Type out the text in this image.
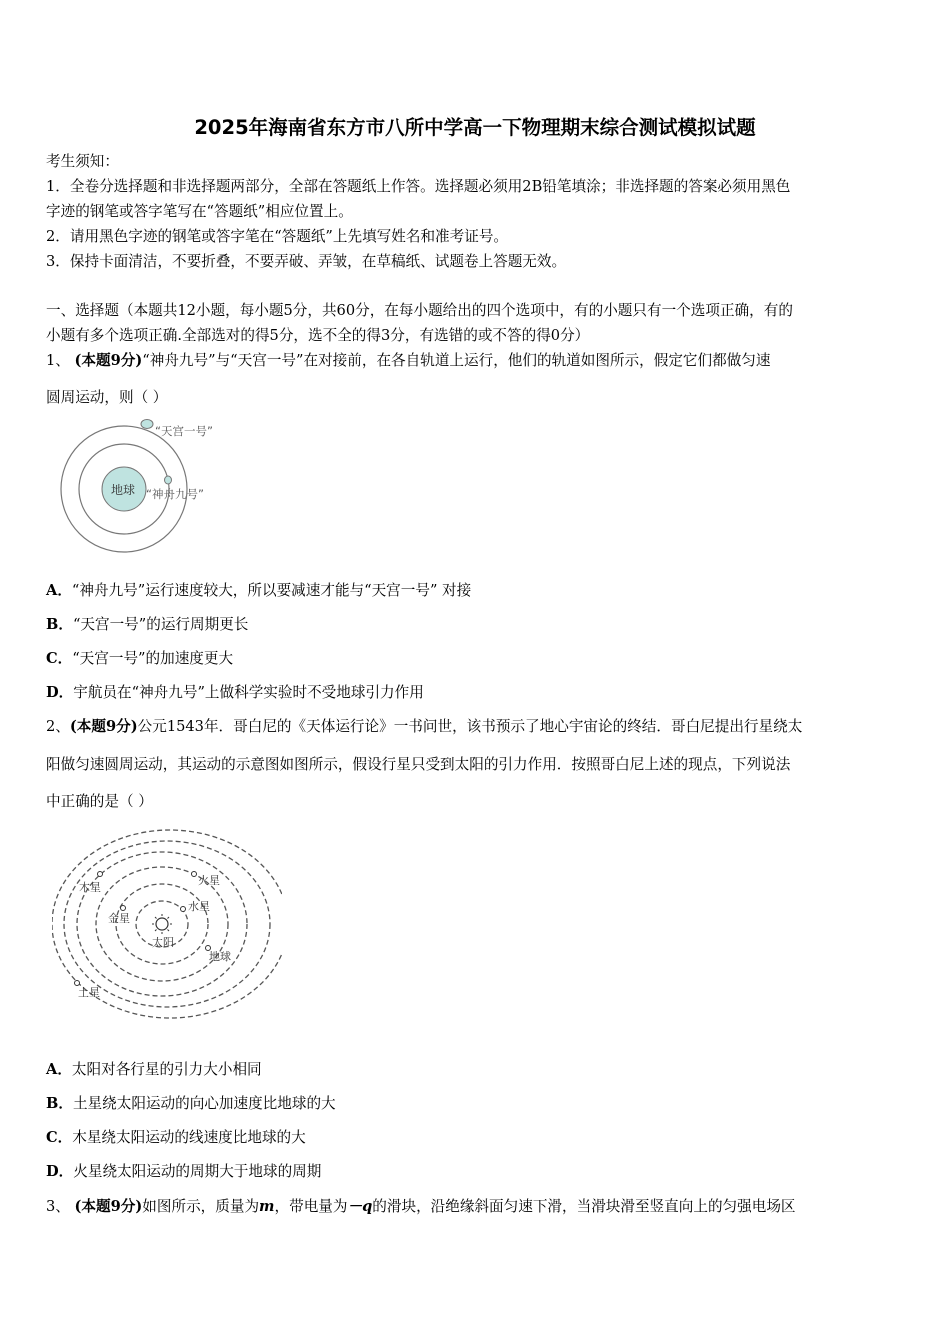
2025年海南省东方市八所中学高一下物理期末综合测试模拟试题
考生须知：
1．全卷分选择题和非选择题两部分，全部在答题纸上作答。选择题必须用2B铅笔填涂；非选择题的答案必须用黑色
字迹的钢笔或答字笔写在“答题纸”相应位置上。
2．请用黑色字迹的钢笔或答字笔在“答题纸”上先填写姓名和准考证号。
3．保持卡面清洁，不要折叠，不要弄破、弄皱，在草稿纸、试题卷上答题无效。
一、选择题（本题共12小题，每小题5分，共60分，在每小题给出的四个选项中，有的小题只有一个选项正确，有的
小题有多个选项正确.全部选对的得5分，选不全的得3分，有选错的或不答的得0分）
1、 (本题9分)“神舟九号”与“天宫一号”在对接前，在各自轨道上运行，他们的轨道如图所示，假定它们都做匀速
圆周运动，则（ ）
地球
“天宫一号”
“神舟九号”
A．“神舟九号”运行速度较大，所以要减速才能与“天宫一号” 对接
B．“天宫一号”的运行周期更长
C．“天宫一号”的加速度更大
D．宇航员在“神舟九号”上做科学实验时不受地球引力作用
2、(本题9分)公元1543年．哥白尼的《天体运行论》一书问世，该书预示了地心宇宙论的终结．哥白尼提出行星绕太
阳做匀速圆周运动，其运动的示意图如图所示，假设行星只受到太阳的引力作用．按照哥白尼上述的现点，下列说法
中正确的是（ ）
太阳
水星
金星
地球
火星
木星
土星
A．太阳对各行星的引力大小相同
B．土星绕太阳运动的向心加速度比地球的大
C．木星绕太阳运动的线速度比地球的大
D．火星绕太阳运动的周期大于地球的周期
3、 (本题9分)如图所示，质量为m，带电量为－q的滑块，沿绝缘斜面匀速下滑，当滑块滑至竖直向上的匀强电场区
